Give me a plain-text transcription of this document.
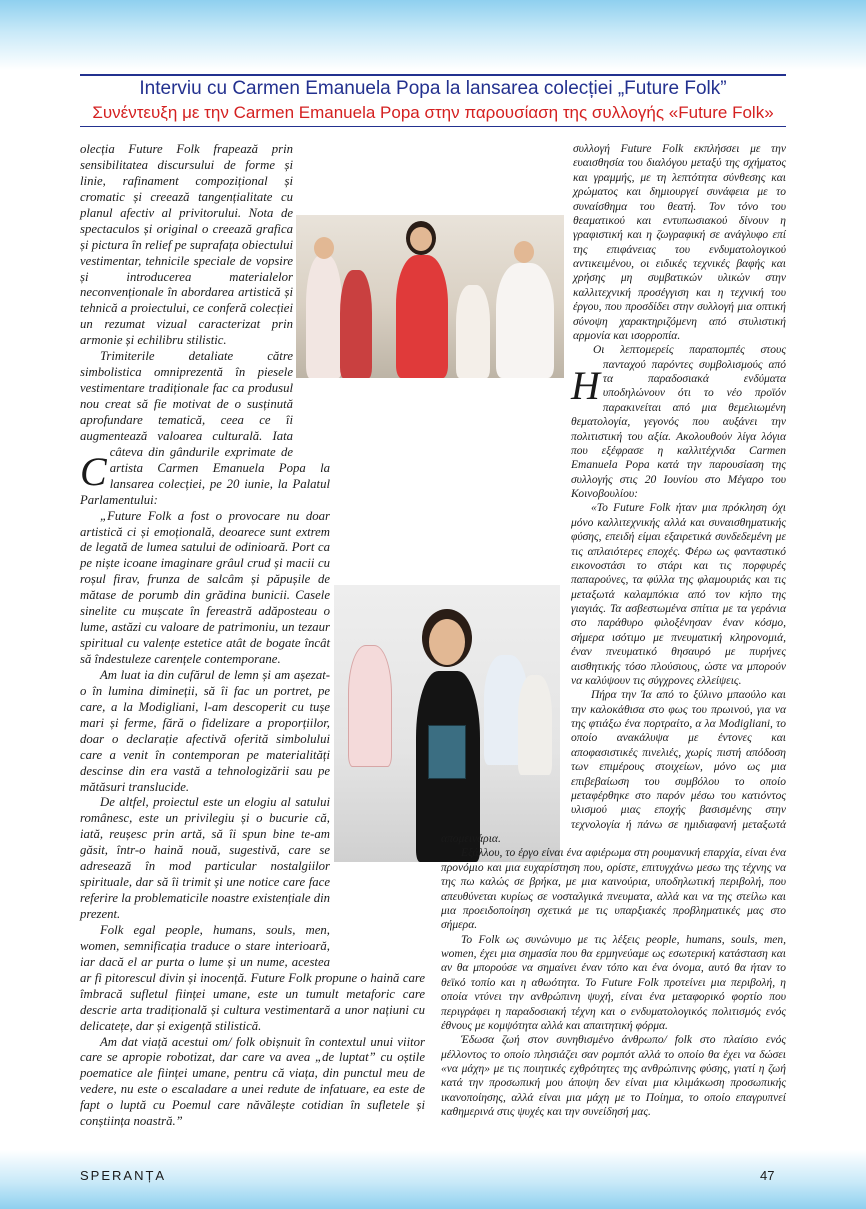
Interviu cu Carmen Emanuela Popa la lansarea colecției „Future Folk”
Συνέντευξη με την Carmen Emanuela Popa στην παρουσίαση της συλλογής «Future Folk»

C
olecția Future Folk frapează prin sensibilitatea discursului de forme și linie, rafinament compozițional și cromatic și creează tangențialitate cu planul afectiv al privitorului. Nota de spectaculos și original o creează grafica și pictura în relief pe suprafața obiectului vestimentar, tehnicile speciale de vopsire și introducerea materialelor neconvenționale în abordarea artistică și tehnică a proiectului, ce conferă colecției un rezumat vizual caracterizat prin armonie și echilibru stilistic.

Trimiterile detaliate către simbolistica omniprezentă în piesele vestimentare tradiționale fac ca produsul nou creat să fie motivat de o susținută aprofundare tematică, ceea ce îi augmentează valoarea culturală. Iata câteva din gândurile exprimate de artista Carmen Emanuela Popa la lansarea colecției, pe 20 iunie, la Palatul Parlamentului:

„Future Folk a fost o provocare nu doar artistică ci și emoțională, deoarece sunt extrem de legată de lumea satului de odinioară. Port ca pe niște icoane imaginare grâul crud și macii cu roșul firav, frunza de salcâm și păpușile de mătase de porumb din grădina bunicii. Casele sinelite cu mușcate în fereastră adăposteau o lume, astăzi cu valoare de patrimoniu, un tezaur spiritual cu valențe estetice atât de bogate încât să îndestuleze carențele contemporane.

Am luat ia din cufărul de lemn și am așezat-o în lumina dimineții, să îi fac un portret, pe care, a la Modigliani, l-am descoperit cu tușe mari și ferme, fără o fidelizare a proporțiilor, doar o declarație afectivă oferită simbolului care a venit în contemporan pe materialități descinse din era vastă a tehnologizării sau pe mătăsuri translucide.

De altfel, proiectul este un elogiu al satului românesc, este un privilegiu și o bucurie că, iată, reușesc prin artă, să îi spun bine te-am găsit, într-o haină nouă, sugestivă, care se adresează în mod particular nostalgiilor spirituale, dar să îi trimit și une notice care face referire la problematicile noastre existențiale din prezent.

Folk egal people, humans, souls, men, women, semnificația traduce o stare interioară, iar dacă el ar purta o lume și un nume, acestea ar fi pitorescul divin și inocență. Future Folk propune o haină care îmbracă sufletul ființei umane, este un tumult metaforic care descrie arta tradițională și cultura vestimentară a unor națiuni cu delicatețe, dar și exigență stilistică.

Am dat viață acestui om/ folk obișnuit în contextul unui viitor care se apropie robotizat, dar care va avea „de luptat” cu oștile poematice ale ființei umane, pentru că viața, din punctul meu de vedere, nu este o escaladare a unei redute de infatuare, ea este de fapt o luptă cu Poemul care năvălește cotidian în sufletele și conștiința noastră.”

Η
συλλογή Future Folk εκπλήσσει με την ευαισθησία του διαλόγου μεταξύ της σχήματος και γραμμής, με τη λεπτότητα σύνθεσης και χρώματος και δημιουργεί συνάφεια με το συναίσθημα του θεατή. Τον τόνο του θεαματικού και εντυπωσιακού δίνουν η γραφιστική και η ζωγραφική σε ανάγλυφο επί της επιφάνειας του ενδυματολογικού αντικειμένου, οι ειδικές τεχνικές βαφής και χρήσης μη συμβατικών υλικών στην καλλιτεχνική προσέγγιση και η τεχνική του έργου, που προσδίδει στην συλλογή μια οπτική σύνοψη χαρακτηριζόμενη από στυλιστική αρμονία και ισορροπία.

Οι λεπτομερείς παραπομπές στους πανταχού παρόντες συμβολισμούς από τα παραδοσιακά ενδύματα υποδηλώνουν ότι το νέο προϊόν παρακινείται από μια θεμελιωμένη θεματολογία, γεγονός που αυξάνει την πολιτιστική του αξία. Ακολουθούν λίγα λόγια που εξέφρασε η καλλιτέχνιδα Carmen Emanuela Popa κατά την παρουσίαση της συλλογής στις 20 Ιουνίου στο Μέγαρο του Κοινοβουλίου:

«Το Future Folk ήταν μια πρόκληση όχι μόνο καλλιτεχνικής αλλά και συναισθηματικής φύσης, επειδή είμαι εξαιρετικά συνδεδεμένη με τις απλαιότερες εποχές. Φέρω ως φανταστικό εικονοστάσι το στάρι και τις πορφυρές παπαρούνες, τα φύλλα της φλαμουριάς και τις μεταξωτά καλαμπόκια από τον κήπο της γιαγιάς. Τα ασβεστωμένα σπίτια με τα γεράνια στο παράθυρο φιλοξένησαν έναν κόσμο, σήμερα ισότιμο με πνευματική κληρονομιά, έναν πνευματικό θησαυρό με πυρήνες αισθητικής τόσο πλούσιους, ώστε να μπορούν να καλύψουν τις σύγχρονες ελλείψεις.

Πήρα την Ία από το ξύλινο μπαούλο και την καλοκάθισα στο φως του πρωινού, για να της φτιάξω ένα πορτραίτο, α λα Modigliani, το οποίο ανακάλυψα με έντονες και αποφασιστικές πινελιές, χωρίς πιστή απόδοση των επιμέρους στοιχείων, μόνο ως μια επιβεβαίωση του συμβόλου το οποίο μεταφέρθηκε στο παρόν μέσω του κατιόντος υλισμού μιας εποχής βασισμένης στην τεχνολογία ή πάνω σε ημιδιαφανή μεταξωτά απομεινάρια.

Εξάλλου, το έργο είναι ένα αφιέρωμα στη ρουμανική επαρχία, είναι ένα προνόμιο και μια ευχαρίστηση που, ορίστε, επιτυγχάνω μεσω της τέχνης να της πω καλώς σε βρήκα, με μια καινούρια, υποδηλωτική περιβολή, που απευθύνεται κυρίως σε νοσταλγικά πνευματα, αλλά και να της στείλω και μια προειδοποίηση σχετικά με τις υπαρξιακές προβληματικές μας στο σήμερα.

Το Folk ως συνώνυμο με τις λέξεις people, humans, souls, men, women, έχει μια σημασία που θα ερμηνεύαμε ως εσωτερική κατάσταση και αν θα μπορούσε να σημαίνει έναν τόπο και ένα όνομα, αυτό θα ήταν το θεϊκό τοπίο και η αθωότητα. Το Future Folk προτείνει μια περιβολή, η οποία ντύνει την ανθρώπινη ψυχή, είναι ένα μεταφορικό φορτίο που περιγράφει η παραδοσιακή τέχνη και ο ενδυματολογικός πολιτισμός ενός έθνους με κομψότητα αλλά και απαιτητική φόρμα.

Έδωσα ζωή στον συνηθισμένο άνθρωπο/ folk στο πλαίσιο ενός μέλλοντος το οποίο πλησιάζει σαν ρομπότ αλλά το οποίο θα έχει να δώσει «να μάχη» με τις ποιητικές εχθρότητες της ανθρώπινης φύσης, γιατί η ζωή κατά την προσωπική μου άποψη δεν είναι μια κλιμάκωση προσωπικής ικανοποίησης, αλλά είναι μια μάχη με το Ποίημα, το οποίο επαγρυπνεί καθημερινά στις ψυχές και την συνείδησή μας.

SPERANȚA	47
